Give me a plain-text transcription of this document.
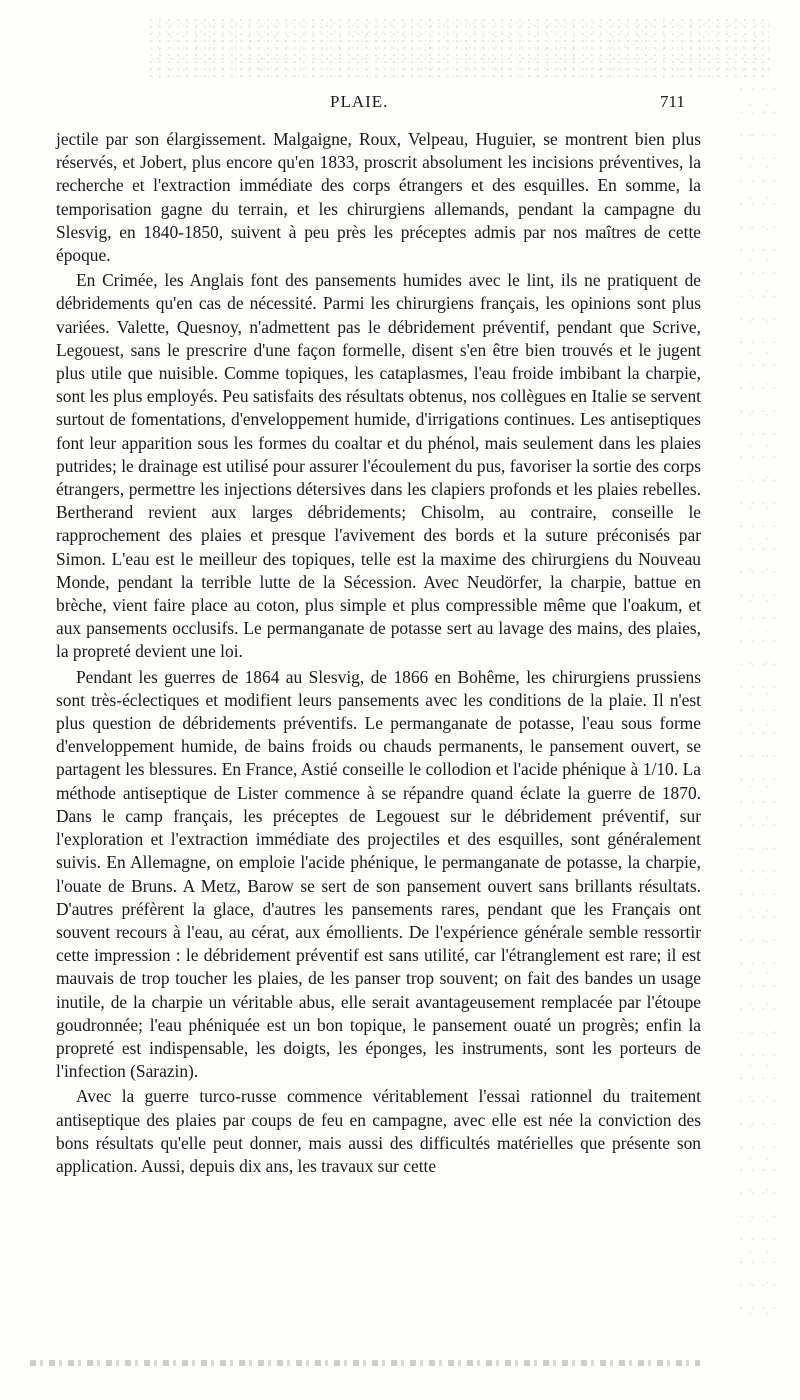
PLAIE.	711

jectile par son élargissement. Malgaigne, Roux, Velpeau, Huguier, se montrent bien plus réservés, et Jobert, plus encore qu'en 1833, proscrit absolument les incisions préventives, la recherche et l'extraction immédiate des corps étrangers et des esquilles. En somme, la temporisation gagne du terrain, et les chirurgiens allemands, pendant la campagne du Slesvig, en 1840-1850, suivent à peu près les préceptes admis par nos maîtres de cette époque.

En Crimée, les Anglais font des pansements humides avec le lint, ils ne pratiquent de débridements qu'en cas de nécessité. Parmi les chirurgiens français, les opinions sont plus variées. Valette, Quesnoy, n'admettent pas le débridement préventif, pendant que Scrive, Legouest, sans le prescrire d'une façon formelle, disent s'en être bien trouvés et le jugent plus utile que nuisible. Comme topiques, les cataplasmes, l'eau froide imbibant la charpie, sont les plus employés. Peu satisfaits des résultats obtenus, nos collègues en Italie se servent surtout de fomentations, d'enveloppement humide, d'irrigations continues. Les antiseptiques font leur apparition sous les formes du coaltar et du phénol, mais seulement dans les plaies putrides; le drainage est utilisé pour assurer l'écoulement du pus, favoriser la sortie des corps étrangers, permettre les injections détersives dans les clapiers profonds et les plaies rebelles. Bertherand revient aux larges débridements; Chisolm, au contraire, conseille le rapprochement des plaies et presque l'avivement des bords et la suture préconisés par Simon. L'eau est le meilleur des topiques, telle est la maxime des chirurgiens du Nouveau Monde, pendant la terrible lutte de la Sécession. Avec Neudörfer, la charpie, battue en brèche, vient faire place au coton, plus simple et plus compressible même que l'oakum, et aux pansements occlusifs. Le permanganate de potasse sert au lavage des mains, des plaies, la propreté devient une loi.

Pendant les guerres de 1864 au Slesvig, de 1866 en Bohême, les chirurgiens prussiens sont très-éclectiques et modifient leurs pansements avec les conditions de la plaie. Il n'est plus question de débridements préventifs. Le permanganate de potasse, l'eau sous forme d'enveloppement humide, de bains froids ou chauds permanents, le pansement ouvert, se partagent les blessures. En France, Astié conseille le collodion et l'acide phénique à 1/10. La méthode antiseptique de Lister commence à se répandre quand éclate la guerre de 1870. Dans le camp français, les préceptes de Legouest sur le débridement préventif, sur l'exploration et l'extraction immédiate des projectiles et des esquilles, sont généralement suivis. En Allemagne, on emploie l'acide phénique, le permanganate de potasse, la charpie, l'ouate de Bruns. A Metz, Barow se sert de son pansement ouvert sans brillants résultats. D'autres préfèrent la glace, d'autres les pansements rares, pendant que les Français ont souvent recours à l'eau, au cérat, aux émollients. De l'expérience générale semble ressortir cette impression : le débridement préventif est sans utilité, car l'étranglement est rare; il est mauvais de trop toucher les plaies, de les panser trop souvent; on fait des bandes un usage inutile, de la charpie un véritable abus, elle serait avantageusement remplacée par l'étoupe goudronnée; l'eau phéniquée est un bon topique, le pansement ouaté un progrès; enfin la propreté est indispensable, les doigts, les éponges, les instruments, sont les porteurs de l'infection (Sarazin).

Avec la guerre turco-russe commence véritablement l'essai rationnel du traitement antiseptique des plaies par coups de feu en campagne, avec elle est née la conviction des bons résultats qu'elle peut donner, mais aussi des difficultés matérielles que présente son application. Aussi, depuis dix ans, les travaux sur cette
